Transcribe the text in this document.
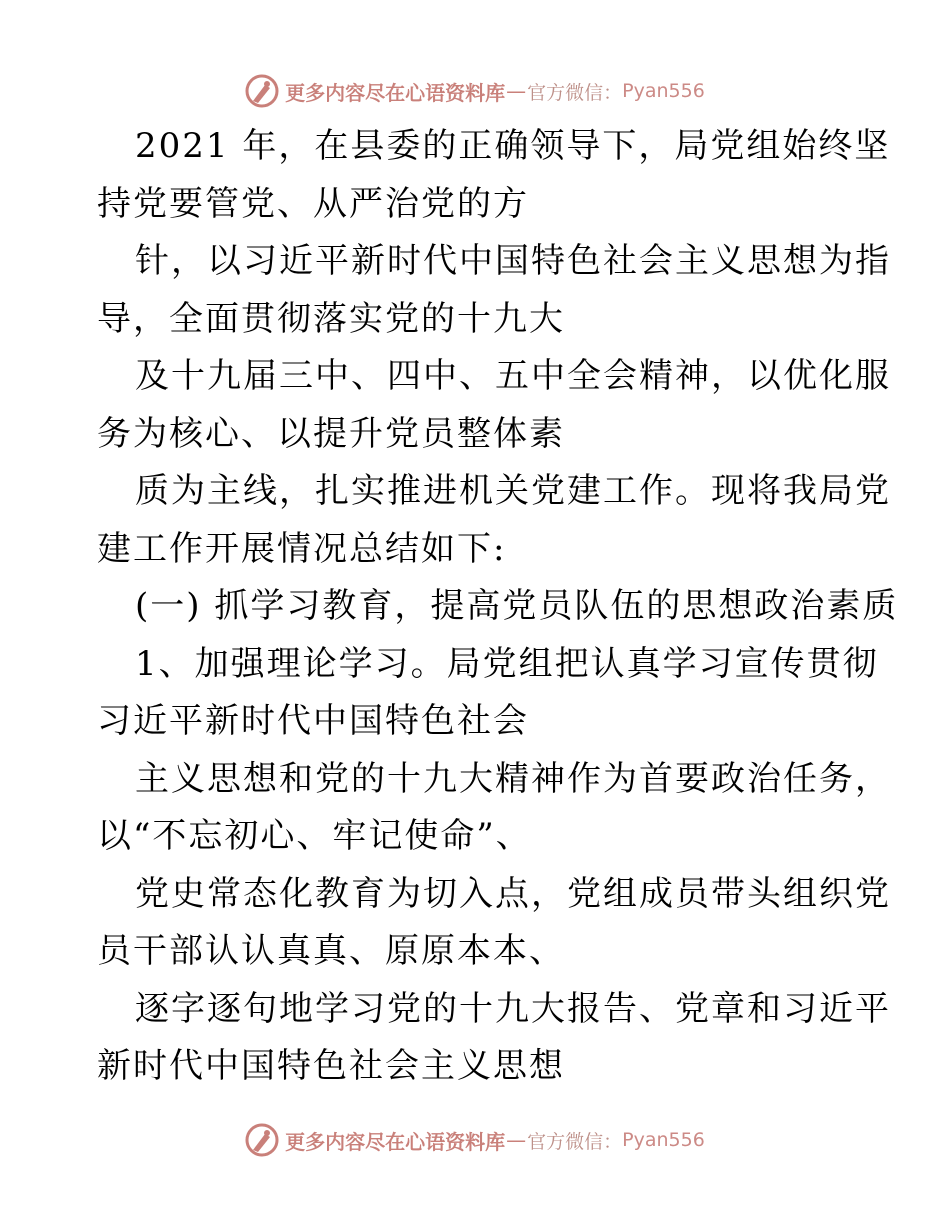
更多内容尽在心语资料库 — 官方微信： Pyan556
2021 年，在县委的正确领导下，局党组始终坚
持党要管党、从严治党的方
针，以习近平新时代中国特色社会主义思想为指
导，全面贯彻落实党的十九大
及十九届三中、四中、五中全会精神，以优化服
务为核心、以提升党员整体素
质为主线，扎实推进机关党建工作。现将我局党
建工作开展情况总结如下:
(一) 抓学习教育，提高党员队伍的思想政治素质
1、加强理论学习。局党组把认真学习宣传贯彻
习近平新时代中国特色社会
主义思想和党的十九大精神作为首要政治任务，
以“不忘初心、牢记使命”、
党史常态化教育为切入点，党组成员带头组织党
员干部认认真真、原原本本、
逐字逐句地学习党的十九大报告、党章和习近平
新时代中国特色社会主义思想
更多内容尽在心语资料库 — 官方微信： Pyan556
